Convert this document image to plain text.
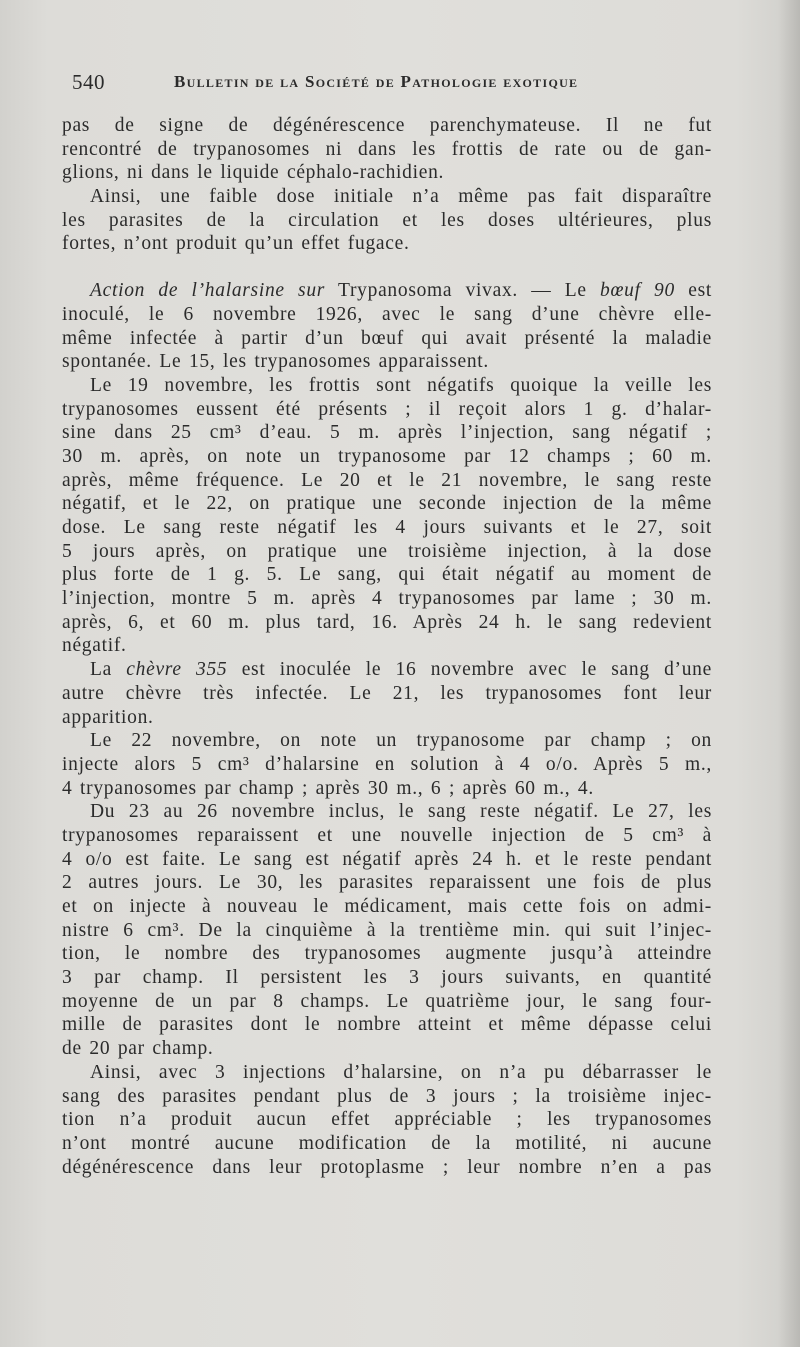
540	Bulletin de la Société de Pathologie exotique
pas de signe de dégénérescence parenchymateuse. Il ne fut
rencontré de trypanosomes ni dans les frottis de rate ou de gan-
glions, ni dans le liquide céphalo-rachidien.
Ainsi, une faible dose initiale n’a même pas fait disparaître
les parasites de la circulation et les doses ultérieures, plus
fortes, n’ont produit qu’un effet fugace.
Action de l’halarsine sur Trypanosoma vivax. — Le bœuf 90 est
inoculé, le 6 novembre 1926, avec le sang d’une chèvre elle-
même infectée à partir d’un bœuf qui avait présenté la maladie
spontanée. Le 15, les trypanosomes apparaissent.
Le 19 novembre, les frottis sont négatifs quoique la veille les
trypanosomes eussent été présents ; il reçoit alors 1 g. d’halar-
sine dans 25 cm³ d’eau. 5 m. après l’injection, sang négatif ;
30 m. après, on note un trypanosome par 12 champs ; 60 m.
après, même fréquence. Le 20 et le 21 novembre, le sang reste
négatif, et le 22, on pratique une seconde injection de la même
dose. Le sang reste négatif les 4 jours suivants et le 27, soit
5 jours après, on pratique une troisième injection, à la dose
plus forte de 1 g. 5. Le sang, qui était négatif au moment de
l’injection, montre 5 m. après 4 trypanosomes par lame ; 30 m.
après, 6, et 60 m. plus tard, 16. Après 24 h. le sang redevient
négatif.
La chèvre 355 est inoculée le 16 novembre avec le sang d’une
autre chèvre très infectée. Le 21, les trypanosomes font leur
apparition.
Le 22 novembre, on note un trypanosome par champ ; on
injecte alors 5 cm³ d’halarsine en solution à 4 o/o. Après 5 m.,
4 trypanosomes par champ ; après 30 m., 6 ; après 60 m., 4.
Du 23 au 26 novembre inclus, le sang reste négatif. Le 27, les
trypanosomes reparaissent et une nouvelle injection de 5 cm³ à
4 o/o est faite. Le sang est négatif après 24 h. et le reste pendant
2 autres jours. Le 30, les parasites reparaissent une fois de plus
et on injecte à nouveau le médicament, mais cette fois on admi-
nistre 6 cm³. De la cinquième à la trentième min. qui suit l’injec-
tion, le nombre des trypanosomes augmente jusqu’à atteindre
3 par champ. Il persistent les 3 jours suivants, en quantité
moyenne de un par 8 champs. Le quatrième jour, le sang four-
mille de parasites dont le nombre atteint et même dépasse celui
de 20 par champ.
Ainsi, avec 3 injections d’halarsine, on n’a pu débarrasser le
sang des parasites pendant plus de 3 jours ; la troisième injec-
tion n’a produit aucun effet appréciable ; les trypanosomes
n’ont montré aucune modification de la motilité, ni aucune
dégénérescence dans leur protoplasme ; leur nombre n’en a pas
